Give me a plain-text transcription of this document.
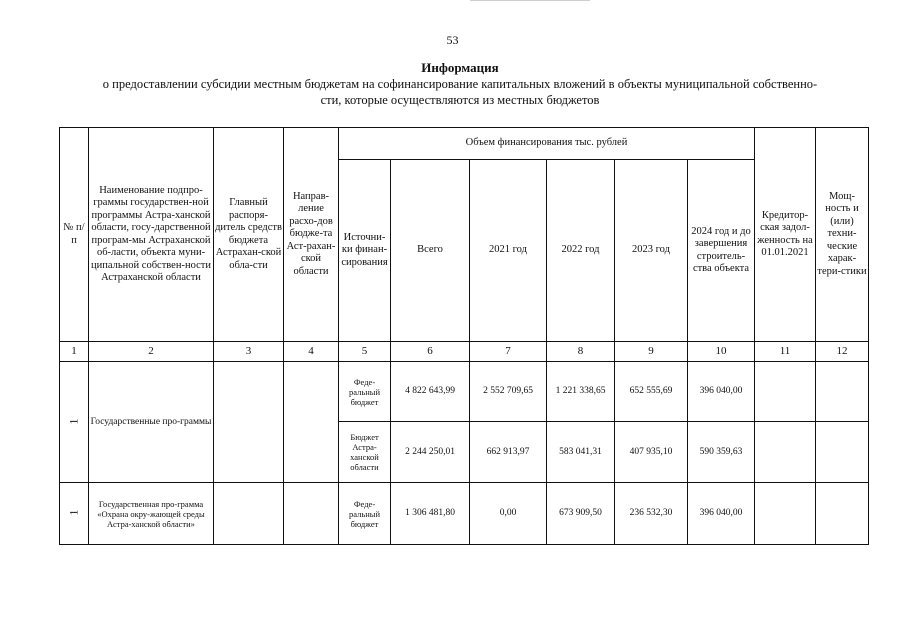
53
Информация
о предоставлении субсидии местным бюджетам на софинансирование капитальных вложений в объекты муниципальной собственно-
сти, которые осуществляются из местных бюджетов
№ п/п	Наименование подпро-граммы государствен-ной программы Астра-ханской области, госу-дарственной програм-мы Астраханской об-ласти, объекта муни-ципальной собствен-ности Астраханской области	Главный распоря-дитель средств бюджета Астрахан-ской обла-сти	Направ-ление расхо-дов бюдже-та Аст-рахан-ской области	Объем финансирования тыс. рублей						Кредитор-ская задол-женность на 01.01.2021	Мощ-ность и (или) техни-ческие харак-тери-стики
				Источни-ки финан-сирования	Всего	2021 год	2022 год	2023 год	2024 год и до завершения строитель-ства объекта		
1	2	3	4	5	6	7	8	9	10	11	12
1	Государственные про-граммы			Феде-ральный бюджет	4 822 643,99	2 552 709,65	1 221 338,65	652 555,69	396 040,00		
				Бюджет Астра-ханской области	2 244 250,01	662 913,97	583 041,31	407 935,10	590 359,63		
1	Государственная про-грамма «Охрана окру-жающей среды Астра-ханской области»			Феде-ральный бюджет	1 306 481,80	0,00	673 909,50	236 532,30	396 040,00		
